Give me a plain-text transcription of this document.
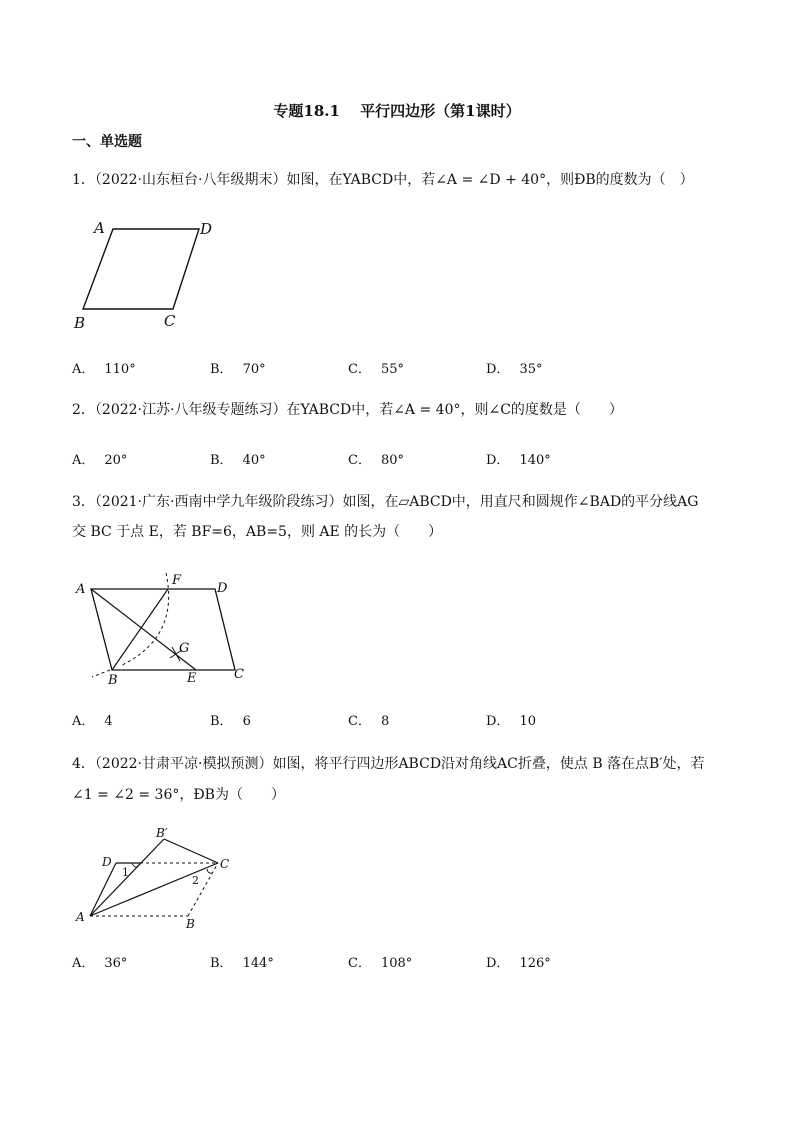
专题18.1　 平行四边形（第1课时）
一、单选题
1．（2022·山东桓台·八年级期末）如图，在YABCD中，若∠A = ∠D + 40°，则ÐB的度数为（　）
A	D
B	C
A． 110°	B． 70°	C． 55°	D． 35°
2．（2022·江苏·八年级专题练习）在YABCD中，若∠A = 40°，则∠C的度数是（　　）
A． 20°	B． 40°	C． 80°	D． 140°
3．（2021·广东·西南中学九年级阶段练习）如图，在▱ABCD中，用直尺和圆规作∠BAD的平分线AG
交 BC 于点 E，若 BF=6，AB=5，则 AE 的长为（　　）
A
F
D
G
B	E	C
A． 4	B． 6	C． 8	D． 10
4．（2022·甘肃平凉·模拟预测）如图，将平行四边形ABCD沿对角线AC折叠，使点 B 落在点B′处，若
∠1 = ∠2 = 36°，ÐB为（　　）
B′
D	C
1
2
A	B
A． 36°	B． 144°	C． 108°	D． 126°
